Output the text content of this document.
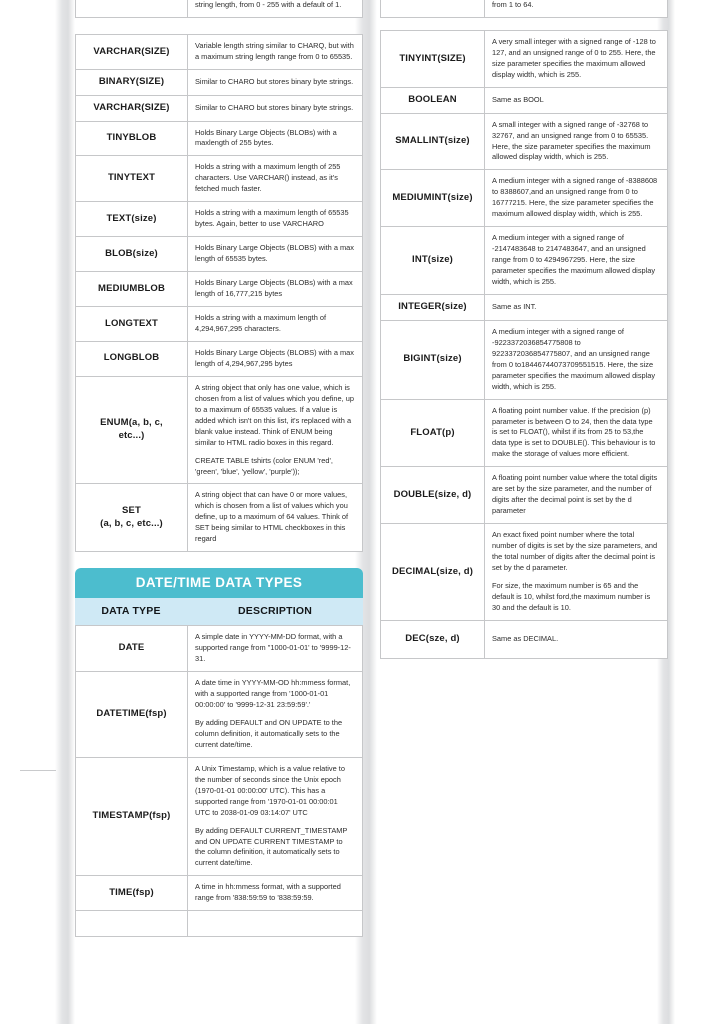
string length, from 0 - 255 with a default of 1.

VARCHAR(SIZE)	Variable length string similar to CHARQ, but with a maximum string length range from 0 to 65535.

BINARY(SIZE)	Similar to CHARO but stores binary byte strings.

VARCHAR(SIZE)	Similar to CHARO but stores binary byte strings.

TINYBLOB	Holds Binary Large Objects (BLOBs) with a maxlength of 255 bytes.

TINYTEXT	Holds a string with a maximum length of 255 characters. Use VARCHAR() instead, as it's fetched much faster.

TEXT(size)	Holds a string with a maximum length of 65535 bytes. Again, better to use VARCHARO

BLOB(size)	Holds Binary Large Objects (BLOBS) with a max length of 65535 bytes.

MEDIUMBLOB	Holds Binary Large Objects (BLOBs) with a max length of 16,777,215 bytes

LONGTEXT	Holds a string with a maximum length of 4,294,967,295 characters.

LONGBLOB	Holds Binary Large Objects (BLOBS) with a max length of 4,294,967,295 bytes

ENUM(a, b, c,
etc...)	

A string object that only has one value, which is chosen from a list of values which you define, up to a maximum of 65535 values. If a value is added which isn't on this list, it's replaced with a blank value instead. Think of ENUM being similar to HTML radio boxes in this regard.

CREATE TABLE tshirts (color ENUM 'red', 'green', 'blue', 'yellow', 'purple'));

SET
(a, b, c, etc...)	A string object that can have 0 or more values, which is chosen from a list of values which you define, up to a maximum of 64 values. Think of SET being similar to HTML checkboxes in this regard

DATE/TIME DATA TYPES
DATA TYPE	DESCRIPTION
DATE	A simple date in YYYY-MM-DD format, with a supported range from "1000-01-01' to '9999-12-31.

DATETIME(fsp)	A date time in YYYY-MM-OD hh:mmess format, with a supported range from '1000-01-01 00:00:00' to '9999-12-31 23:59:59'.'

By adding DEFAULT and ON UPDATE to the column definition, it automatically sets to the current date/time.

TIMESTAMP(fsp)	A Unix Timestamp, which is a value relative to the number of seconds since the Unix epoch (1970-01-01 00:00:00' UTC). This has a supported range from '1970-01-01 00:00:01 UTC to 2038-01-09 03:14:07' UTC

By adding DEFAULT CURRENT_TIMESTAMP and ON UPDATE CURRENT TIMESTAMP to the column definition, it automatically sets to current date/time.

TIME(fsp)	A time in hh:mmess format, with a supported range from '838:59:59 to '838:59:59.

from 1 to 64.

TINYINT(SIZE)	A very small integer with a signed range of -128 to 127, and an unsigned range of 0 to 255. Here, the size parameter specifies the maximum allowed display width, which is 255.

BOOLEAN	Same as BOOL

SMALLINT(size)	A small integer with a signed range of -32768 to 32767, and an unsigned range from 0 to 65535. Here, the size parameter specifies the maximum allowed display width, which is 255.

MEDIUMINT(size)	A medium integer with a signed range of -8388608 to 8388607,and an unsigned range from 0 to 16777215. Here, the size parameter specifies the maximum allowed display width, which is 255.

INT(size)	A medium integer with a signed range of -2147483648 to 2147483647, and an unsigned range from 0 to 4294967295. Here, the size parameter specifies the maximum allowed display width, which is 255.

INTEGER(size)	Same as INT.

BIGINT(size)	A medium integer with a signed range of -9223372036854775808 to 9223372036854775807, and an unsigned range from 0 to18446744073709551515. Here, the size parameter specifies the maximum allowed display width, which is 255.

FLOAT(p)	A floating point number value. If the precision (p) parameter is between O to 24, then the data type is set to FLOAT(), whilst if its from 25 to 53,the data type is set to DOUBLE(). This behaviour is to make the storage of values more efficient.

DOUBLE(size, d)	A floating point number value where the total digits are set by the size parameter, and the number of digits after the decimal point is set by the d parameter

DECIMAL(size, d)	An exact fixed point number where the total number of digits is set by the size parameters, and the total number of digits after the decimal point is set by the d parameter.

For size, the maximum number is 65 and the default is 10, whilst ford,the maximum number is 30 and the default is 10.

DEC(sze, d)	Same as DECIMAL.
